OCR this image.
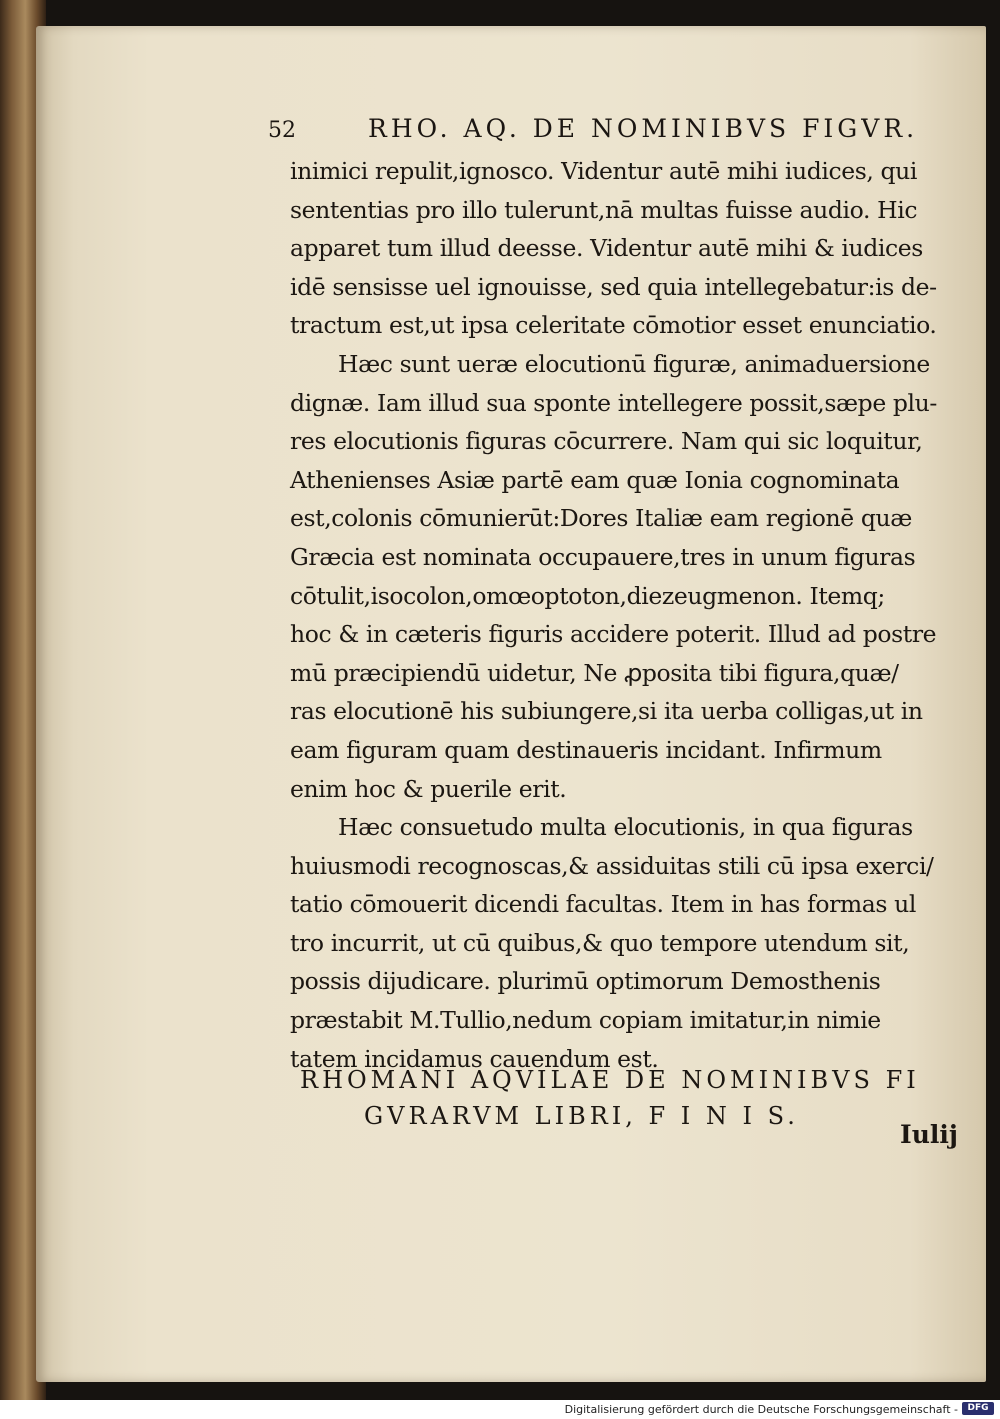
52	RHO. AQ. DE NOMINIBVS FIGVR.
inimici repulit,ignosco. Videntur autē mihi iudices, qui
sententias pro illo tulerunt,nā multas fuisse audio. Hic
apparet tum illud deesse. Videntur autē mihi & iudices
idē sensisse uel ignouisse, sed quia intellegebatur:is de-
tractum est,ut ipsa celeritate cōmotior esset enunciatio.
Hæc sunt ueræ elocutionū figuræ, animaduersione
dignæ. Iam illud sua sponte intellegere possit,sæpe plu-
res elocutionis figuras cōcurrere. Nam qui sic loquitur,
Athenienses Asiæ partē eam quæ Ionia cognominata
est,colonis cōmunierūt:Dores Italiæ eam regionē quæ
Græcia est nominata occupauere,tres in unum figuras
cōtulit,isocolon,omœoptoton,diezeugmenon. Itemq;
hoc & in cæteris figuris accidere poterit. Illud ad postre
mū præcipiendū uidetur, Ne ꝓposita tibi figura,quæ/
ras elocutionē his subiungere,si ita uerba colligas,ut in
eam figuram quam destinaueris incidant. Infirmum
enim hoc & puerile erit.
Hæc consuetudo multa elocutionis, in qua figuras
huiusmodi recognoscas,& assiduitas stili cū ipsa exerci/
tatio cōmouerit dicendi facultas. Item in has formas ul
tro incurrit, ut cū quibus,& quo tempore utendum sit,
possis dijudicare. plurimū optimorum Demosthenis
præstabit M.Tullio,nedum copiam imitatur,in nimie
tatem incidamus cauendum est.
RHOMANI AQVILAE DE NOMINIBVS FI
GVRARVM LIBRI, F I N I S.
Iulij
Digitalisierung gefördert durch die Deutsche Forschungsgemeinschaft -	DFG
